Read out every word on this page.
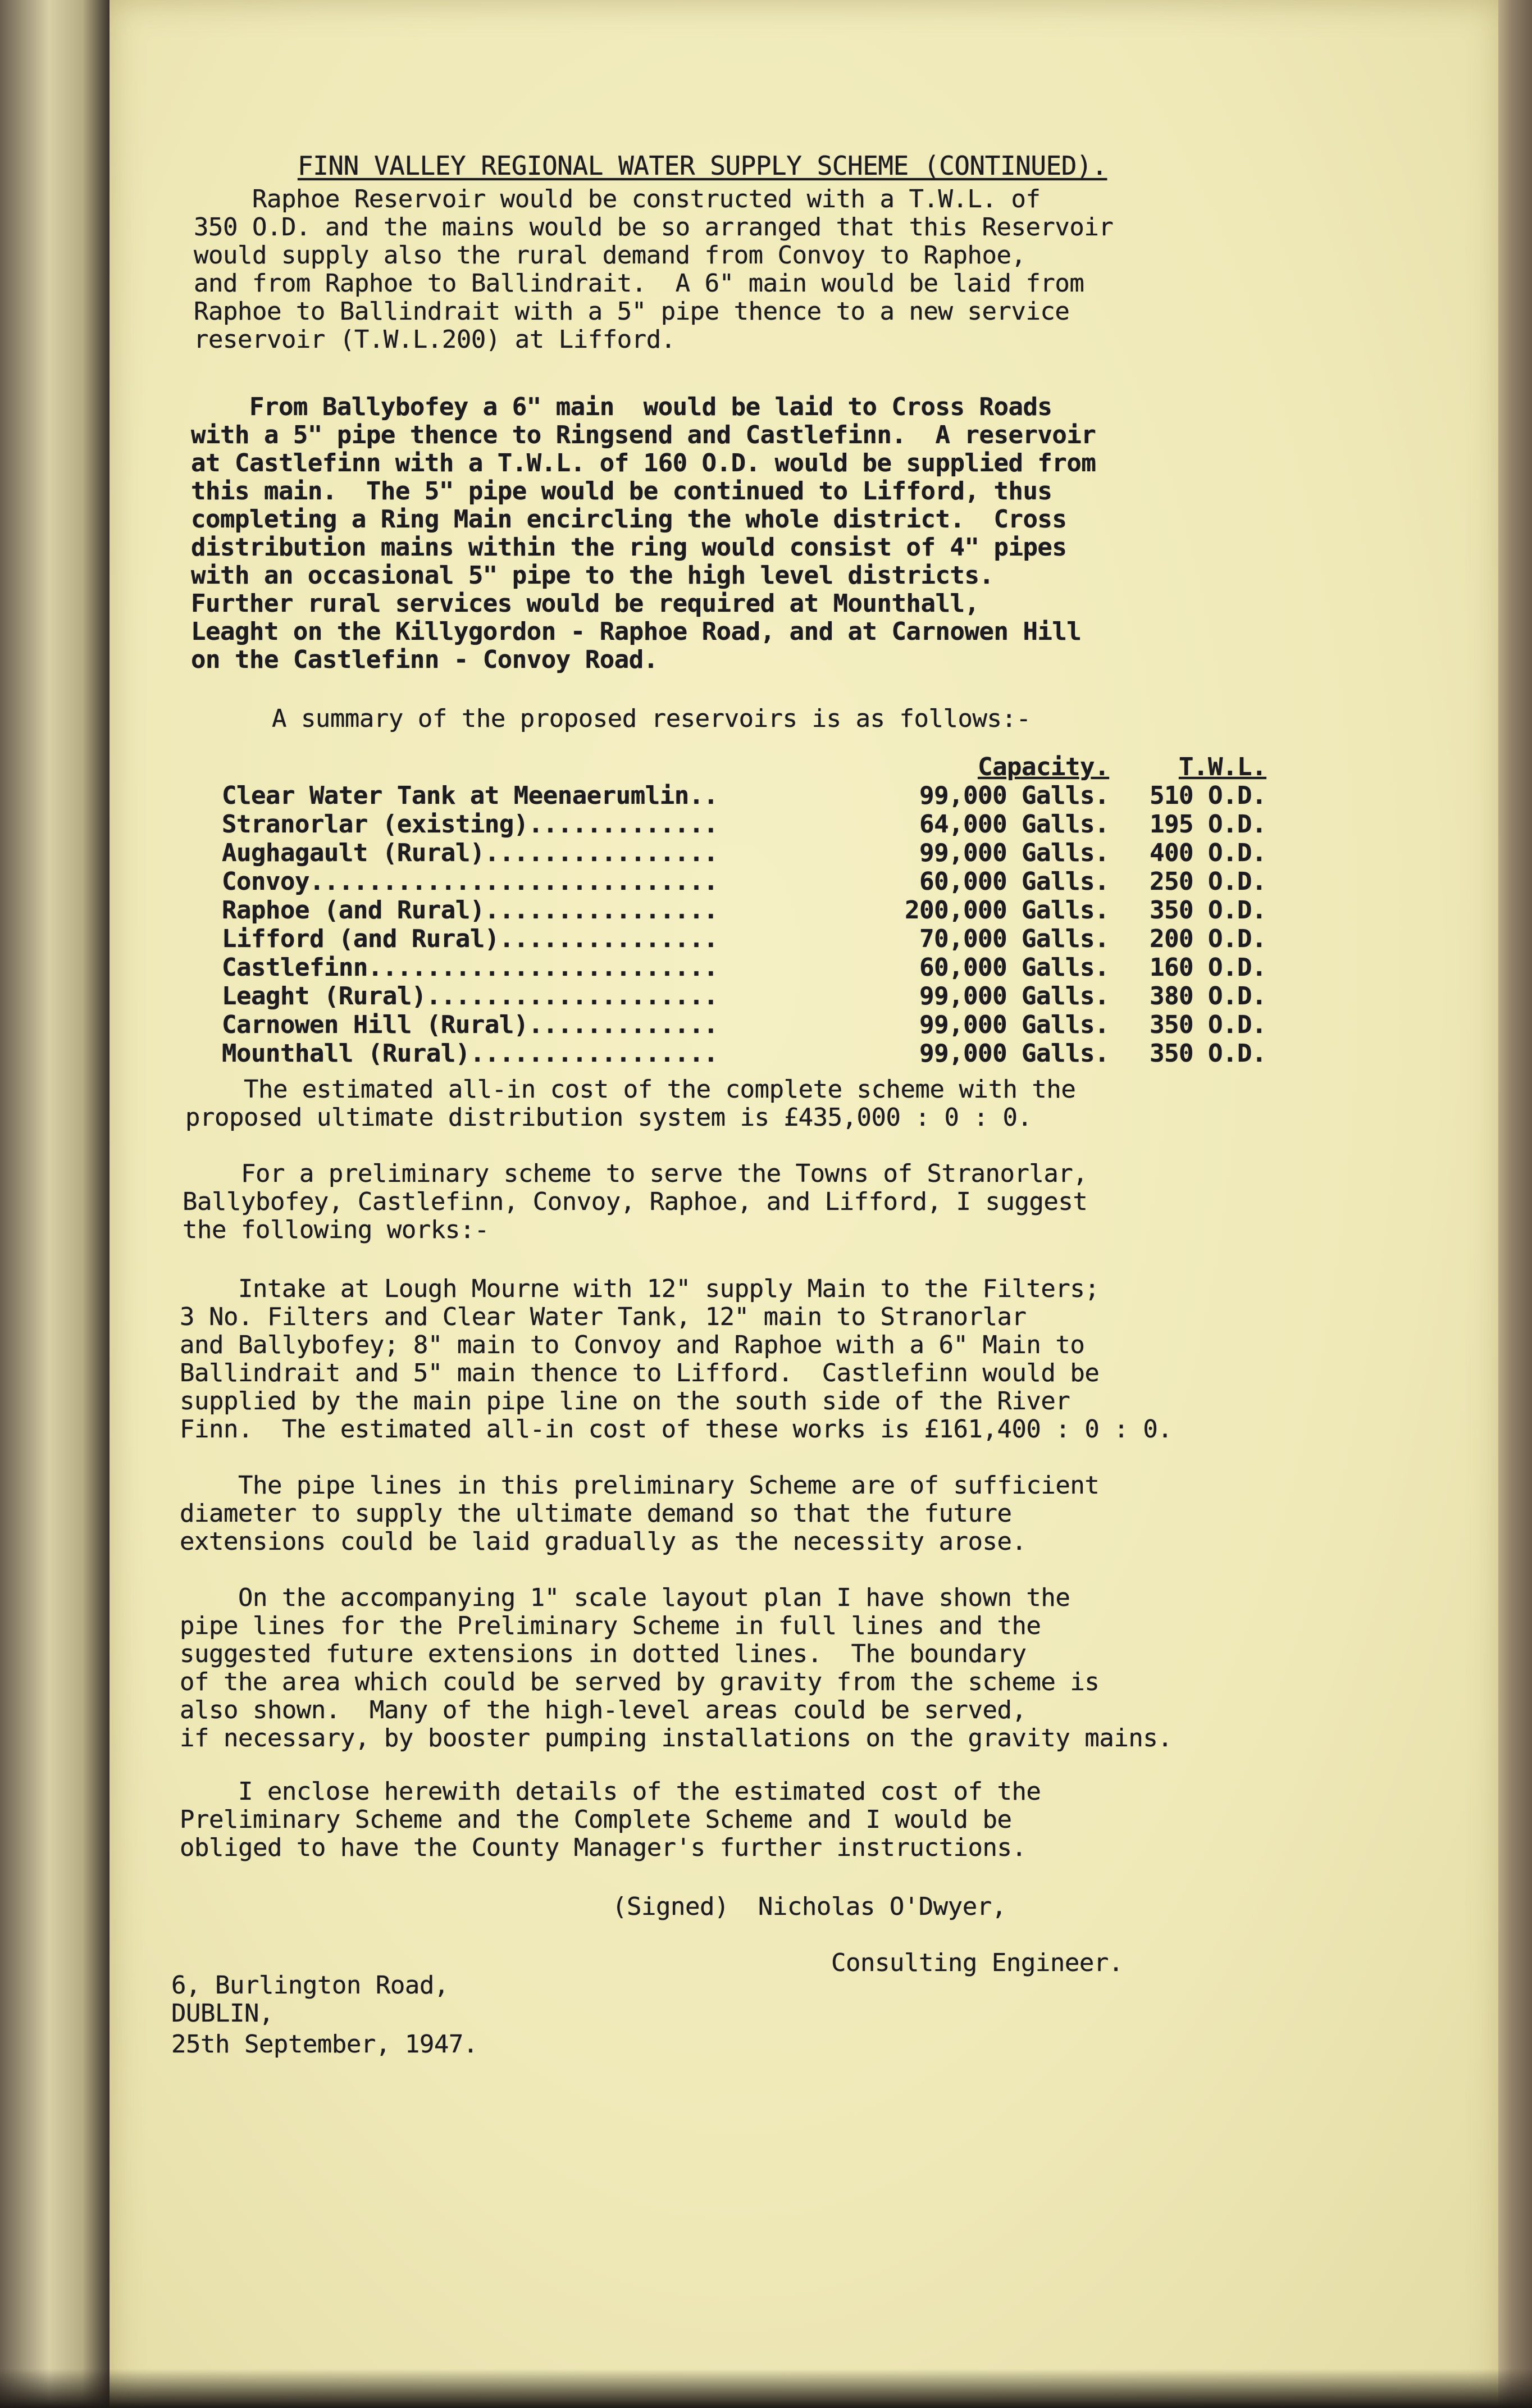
FINN VALLEY REGIONAL WATER SUPPLY SCHEME (CONTINUED).
Raphoe Reservoir would be constructed with a T.W.L. of
350 O.D. and the mains would be so arranged that this Reservoir
would supply also the rural demand from Convoy to Raphoe,
and from Raphoe to Ballindrait.  A 6" main would be laid from
Raphoe to Ballindrait with a 5" pipe thence to a new service
reservoir (T.W.L.200) at Lifford.
From Ballybofey a 6" main  would be laid to Cross Roads
with a 5" pipe thence to Ringsend and Castlefinn.  A reservoir
at Castlefinn with a T.W.L. of 160 O.D. would be supplied from
this main.  The 5" pipe would be continued to Lifford, thus
completing a Ring Main encircling the whole district.  Cross
distribution mains within the ring would consist of 4" pipes
with an occasional 5" pipe to the high level districts.
Further rural services would be required at Mounthall,
Leaght on the Killygordon - Raphoe Road, and at Carnowen Hill
on the Castlefinn - Convoy Road.
A summary of the proposed reservoirs is as follows:-
	Capacity.	T.W.L.
Clear Water Tank at Meenaerumlin..	99,000 Galls.	510 O.D.
Stranorlar (existing).............	64,000 Galls.	195 O.D.
Aughagault (Rural)................	99,000 Galls.	400 O.D.
Convoy............................	60,000 Galls.	250 O.D.
Raphoe (and Rural)................	200,000 Galls.	350 O.D.
Lifford (and Rural)...............	70,000 Galls.	200 O.D.
Castlefinn........................	60,000 Galls.	160 O.D.
Leaght (Rural)....................	99,000 Galls.	380 O.D.
Carnowen Hill (Rural).............	99,000 Galls.	350 O.D.
Mounthall (Rural).................	99,000 Galls.	350 O.D.
The estimated all-in cost of the complete scheme with the
proposed ultimate distribution system is £435,000 : 0 : 0.
For a preliminary scheme to serve the Towns of Stranorlar,
Ballybofey, Castlefinn, Convoy, Raphoe, and Lifford, I suggest
the following works:-
Intake at Lough Mourne with 12" supply Main to the Filters;
3 No. Filters and Clear Water Tank, 12" main to Stranorlar
and Ballybofey; 8" main to Convoy and Raphoe with a 6" Main to
Ballindrait and 5" main thence to Lifford.  Castlefinn would be
supplied by the main pipe line on the south side of the River
Finn.  The estimated all-in cost of these works is £161,400 : 0 : 0.
The pipe lines in this preliminary Scheme are of sufficient
diameter to supply the ultimate demand so that the future
extensions could be laid gradually as the necessity arose.
On the accompanying 1" scale layout plan I have shown the
pipe lines for the Preliminary Scheme in full lines and the
suggested future extensions in dotted lines.  The boundary
of the area which could be served by gravity from the scheme is
also shown.  Many of the high-level areas could be served,
if necessary, by booster pumping installations on the gravity mains.
I enclose herewith details of the estimated cost of the
Preliminary Scheme and the Complete Scheme and I would be
obliged to have the County Manager's further instructions.
(Signed)  Nicholas O'Dwyer,
Consulting Engineer.
6, Burlington Road,
DUBLIN,
25th September, 1947.
